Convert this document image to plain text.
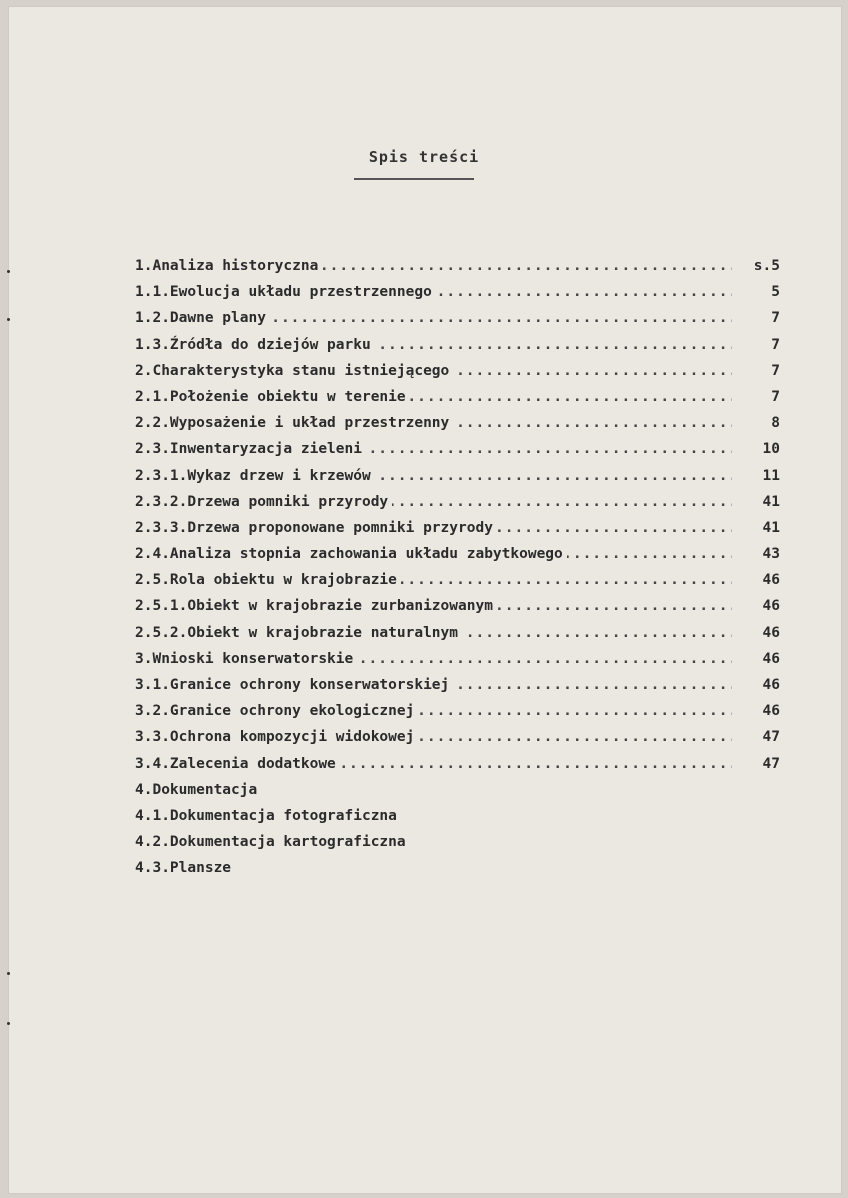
Spis treści
.....
1.Analiza historyczna	s.5
.....
1.1.Ewolucja układu przestrzennego	5
.....
1.2.Dawne plany	7
.....
1.3.Źródła do dziejów parku	7
.....
2.Charakterystyka stanu istniejącego	7
.....
2.1.Położenie obiektu w terenie	7
.....
2.2.Wyposażenie i układ przestrzenny	8
.....
2.3.Inwentaryzacja zieleni	10
.....
2.3.1.Wykaz drzew i krzewów	11
.....
2.3.2.Drzewa pomniki przyrody	41
.....
2.3.3.Drzewa proponowane pomniki przyrody	41
.....
2.4.Analiza stopnia zachowania układu zabytkowego	43
.....
2.5.Rola obiektu w krajobrazie	46
.....
2.5.1.Obiekt w krajobrazie zurbanizowanym	46
.....
2.5.2.Obiekt w krajobrazie naturalnym	46
.....
3.Wnioski konserwatorskie	46
.....
3.1.Granice ochrony konserwatorskiej	46
.....
3.2.Granice ochrony ekologicznej	46
.....
3.3.Ochrona kompozycji widokowej	47
.....
3.4.Zalecenia dodatkowe	47
4.Dokumentacja
4.1.Dokumentacja fotograficzna
4.2.Dokumentacja kartograficzna
4.3.Plansze
